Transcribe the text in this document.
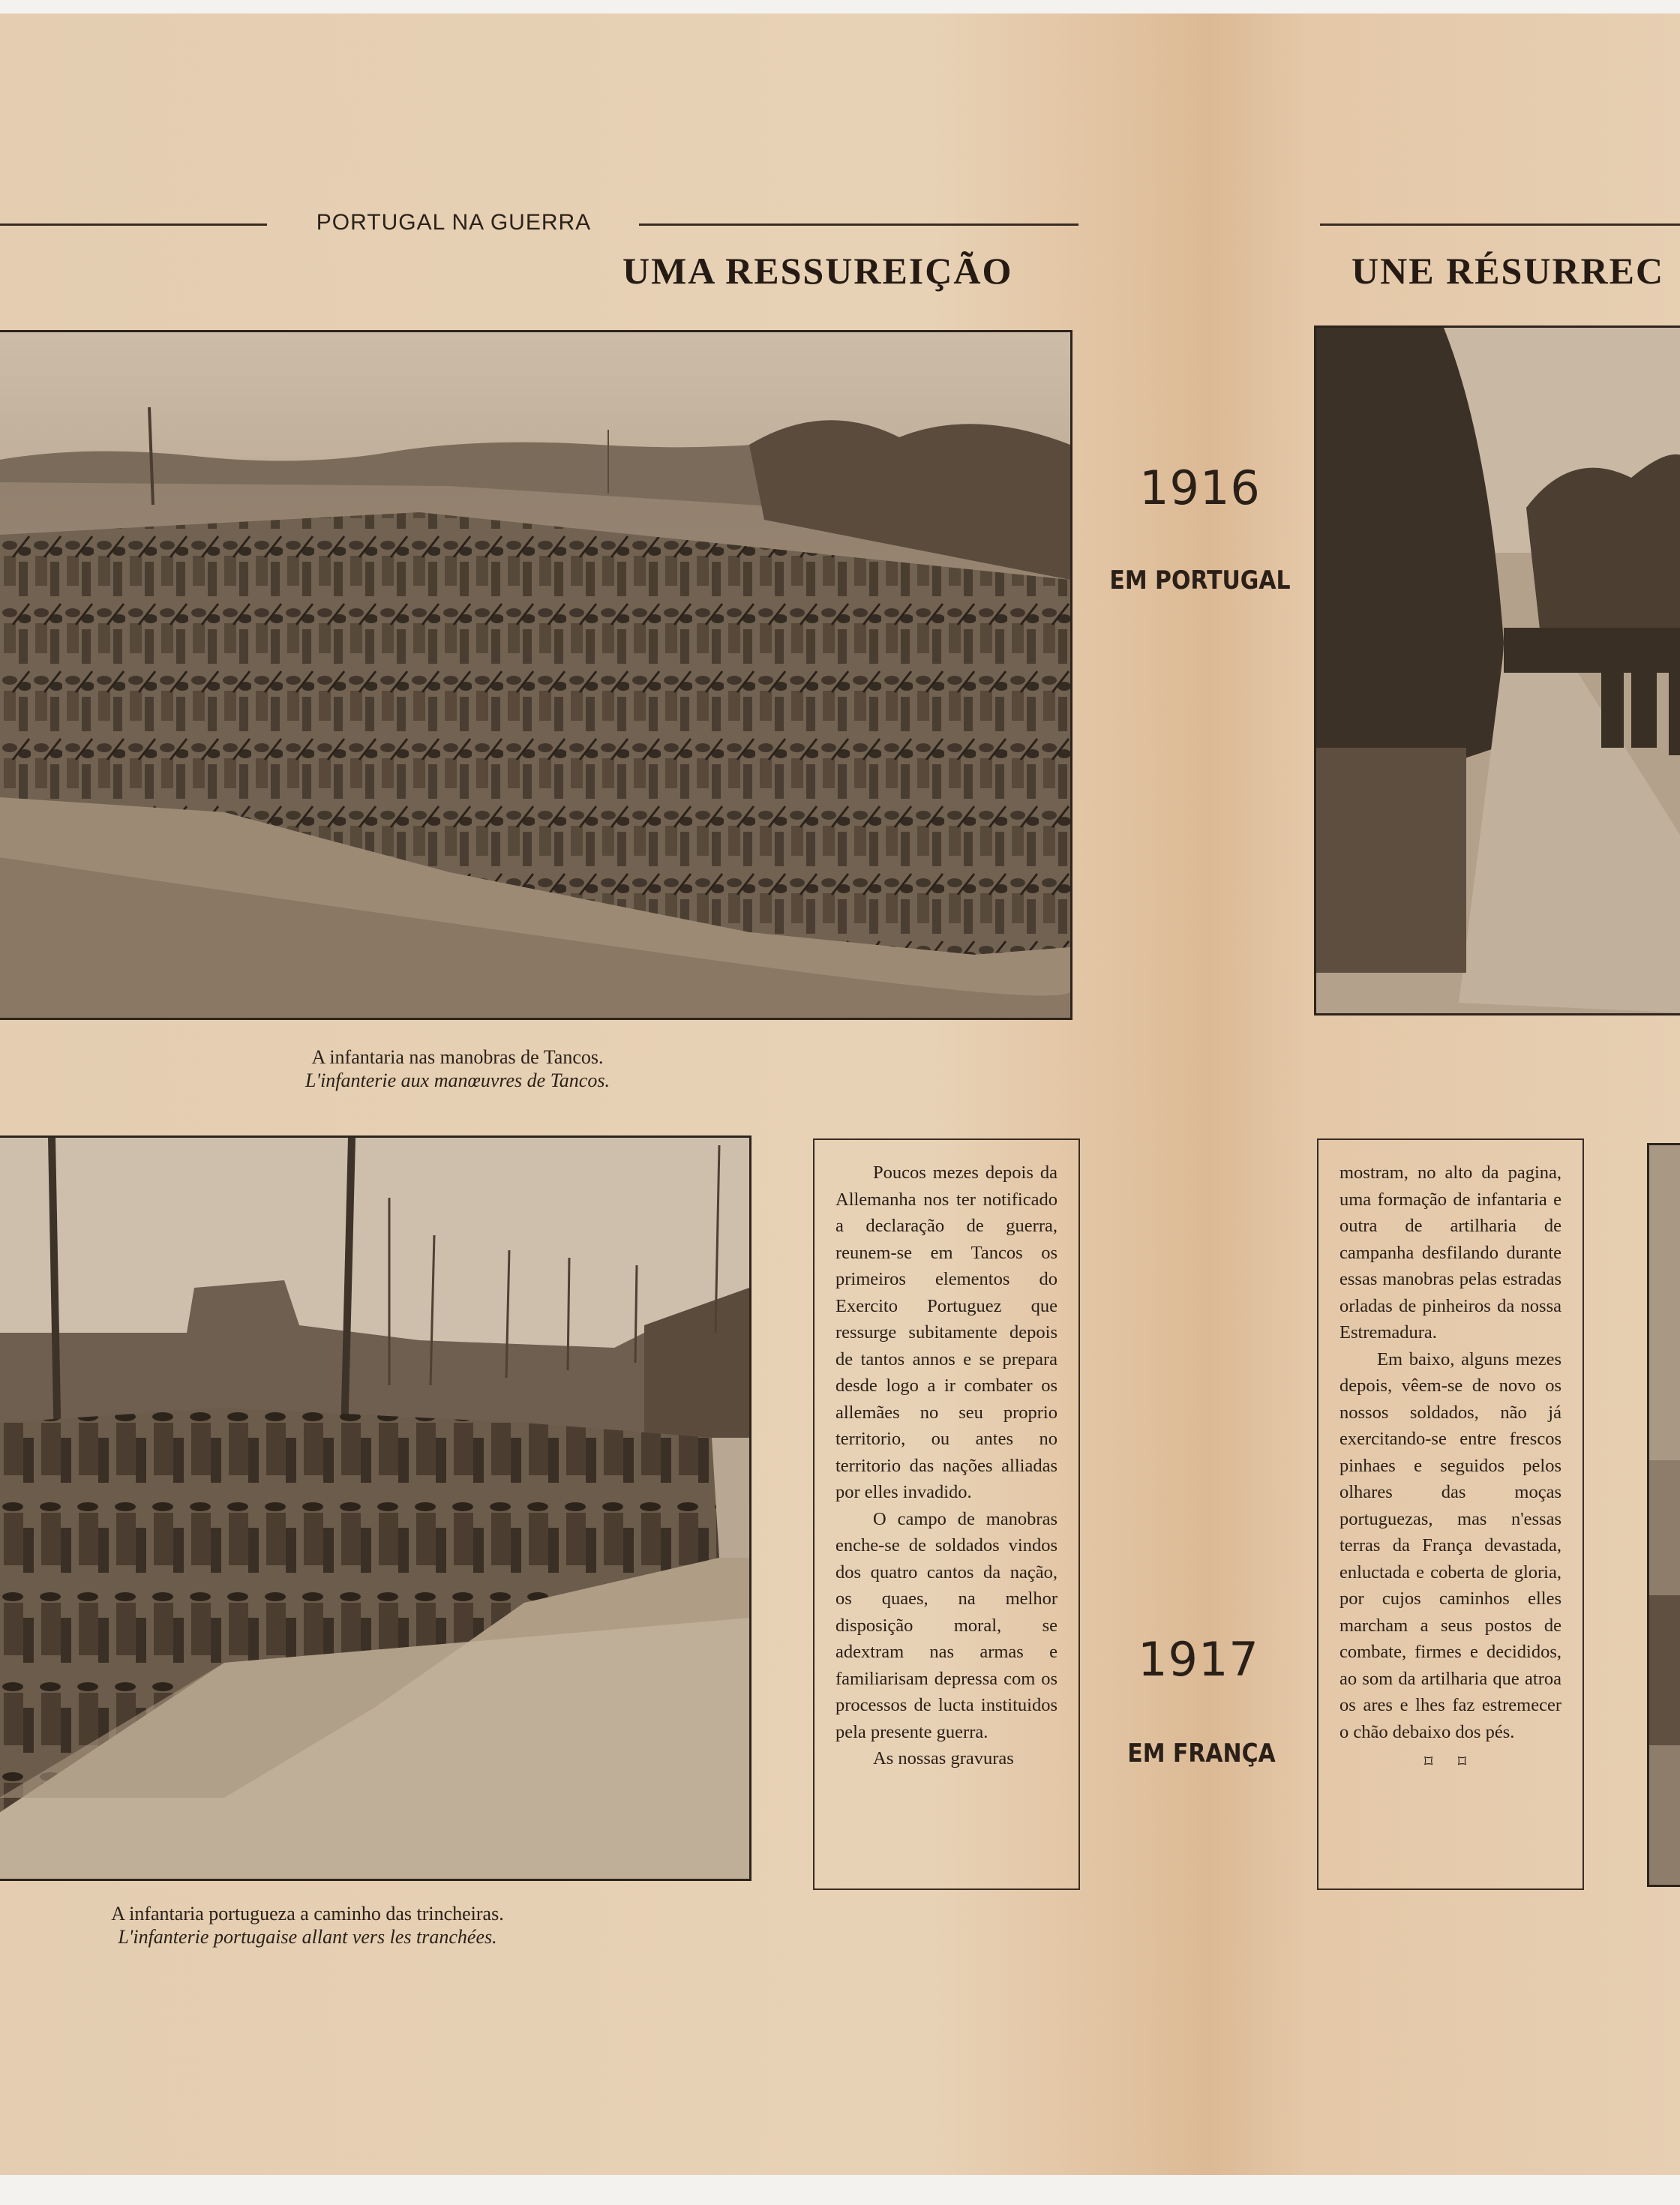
PORTUGAL NA GUERRA
UMA RESSUREIÇÃO	UNE RÉSURREC
A infantaria nas manobras de Tancos.
L'infanterie aux manœuvres de Tancos.
A infantaria portugueza a caminho das trincheiras.
L'infanterie portugaise allant vers les tranchées.
1916
EM PORTUGAL
1917
EM FRANÇA

Poucos mezes depois da Allemanha nos ter notificado a declaração de guerra, reunem-se em Tancos os primeiros elementos do Exercito Portuguez que ressurge subitamente depois de tantos annos e se prepara desde logo a ir combater os allemães no seu proprio territorio, ou antes no territorio das nações alliadas por elles invadido.

O campo de manobras enche-se de soldados vindos dos quatro cantos da nação, os quaes, na melhor disposição moral, se adextram nas armas e familiarisam depressa com os processos de lucta instituidos pela presente guerra.

As nossas gravuras

mostram, no alto da pagina, uma formação de infantaria e outra de artilharia de campanha desfilando durante essas manobras pelas estradas orladas de pinheiros da nossa Estremadura.

Em baixo, alguns mezes depois, vêem-se de novo os nossos soldados, não já exercitando-se entre frescos pinhaes e seguidos pelos olhares das moças portuguezas, mas n'essas terras da França devastada, enluctada e coberta de gloria, por cujos caminhos elles marcham a seus postos de combate, firmes e decididos, ao som da artilharia que atroa os ares e lhes faz estremecer o chão debaixo dos pés.

⌑ ⌑
